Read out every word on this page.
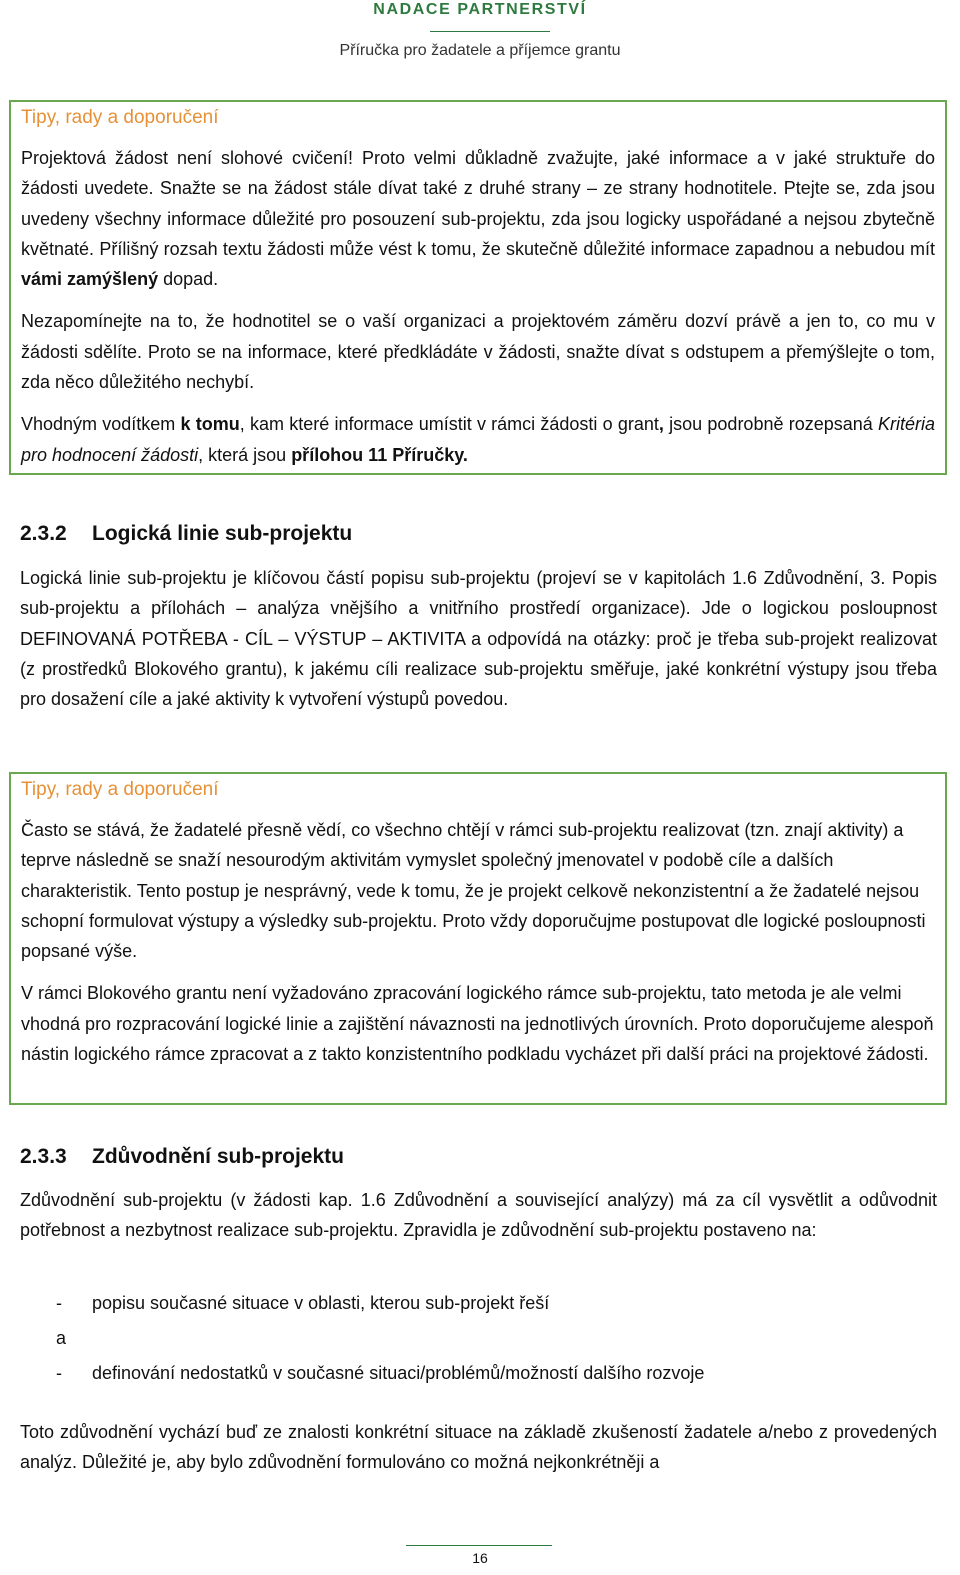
NADACE PARTNERSTVÍ
Příručka pro žadatele a příjemce grantu
Tipy, rady a doporučení

Projektová žádost není slohové cvičení! Proto velmi důkladně zvažujte, jaké informace a v jaké struktuře do žádosti uvedete. Snažte se na žádost stále dívat také z druhé strany – ze strany hodnotitele. Ptejte se, zda jsou uvedeny všechny informace důležité pro posouzení sub-projektu, zda jsou logicky uspořádané a nejsou zbytečně květnaté. Přílišný rozsah textu žádosti může vést k tomu, že skutečně důležité informace zapadnou a nebudou mít vámi zamýšlený dopad.

Nezapomínejte na to, že hodnotitel se o vaší organizaci a projektovém záměru dozví právě a jen to, co mu v žádosti sdělíte. Proto se na informace, které předkládáte v žádosti, snažte dívat s odstupem a přemýšlejte o tom, zda něco důležitého nechybí.

Vhodným vodítkem k tomu, kam které informace umístit v rámci žádosti o grant, jsou podrobně rozepsaná Kritéria pro hodnocení žádosti, která jsou přílohou 11 Příručky.

2.3.2 Logická linie sub-projektu

Logická linie sub-projektu je klíčovou částí popisu sub-projektu (projeví se v kapitolách 1.6 Zdůvodnění, 3. Popis sub-projektu a přílohách – analýza vnějšího a vnitřního prostředí organizace). Jde o logickou posloupnost DEFINOVANÁ POTŘEBA - CÍL – VÝSTUP – AKTIVITA a odpovídá na otázky: proč je třeba sub-projekt realizovat (z prostředků Blokového grantu), k jakému cíli realizace sub-projektu směřuje, jaké konkrétní výstupy jsou třeba pro dosažení cíle a jaké aktivity k vytvoření výstupů povedou.

Tipy, rady a doporučení

Často se stává, že žadatelé přesně vědí, co všechno chtějí v rámci sub-projektu realizovat (tzn. znají aktivity) a teprve následně se snaží nesourodým aktivitám vymyslet společný jmenovatel v podobě cíle a dalších charakteristik. Tento postup je nesprávný, vede k tomu, že je projekt celkově nekonzistentní a že žadatelé nejsou schopní formulovat výstupy a výsledky sub-projektu. Proto vždy doporučujme postupovat dle logické posloupnosti popsané výše.

V rámci Blokového grantu není vyžadováno zpracování logického rámce sub-projektu, tato metoda je ale velmi vhodná pro rozpracování logické linie a zajištění návaznosti na jednotlivých úrovních. Proto doporučujeme alespoň nástin logického rámce zpracovat a z takto konzistentního podkladu vycházet při další práci na projektové žádosti.

2.3.3 Zdůvodnění sub-projektu

Zdůvodnění sub-projektu (v žádosti kap. 1.6 Zdůvodnění a související analýzy) má za cíl vysvětlit a odůvodnit potřebnost a nezbytnost realizace sub-projektu. Zpravidla je zdůvodnění sub-projektu postaveno na:

- popisu současné situace v oblasti, kterou sub-projekt řeší
a
- definování nedostatků v současné situaci/problémů/možností dalšího rozvoje

Toto zdůvodnění vychází buď ze znalosti konkrétní situace na základě zkušeností žadatele a/nebo z provedených analýz. Důležité je, aby bylo zdůvodnění formulováno co možná nejkonkrétněji a

16
